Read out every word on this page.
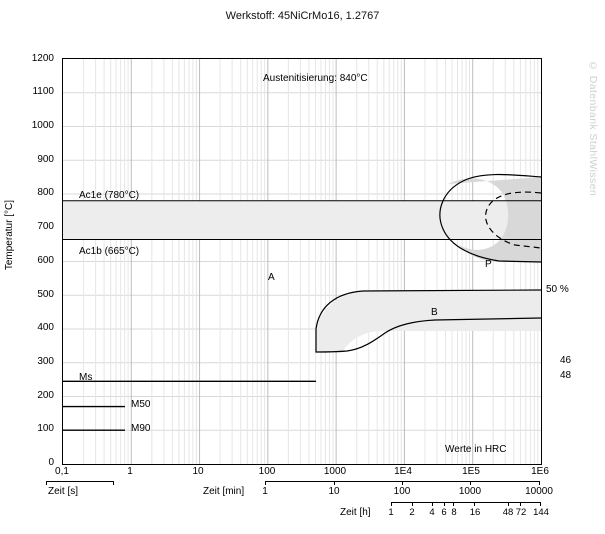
Werkstoff: 45NiCrMo16, 1.2767
© Datenbank StahlWissen
Temperatur [°C]
1200
1100
1000
900
800
700
600
500
400
300
200
100
0
Austenitisierung: 840°C
Ac1e (780°C)
Ac1b (665°C)
A
P
B
Ms
M50
M90
Werte in HRC
50 %
46
48
0,1	1	10	100	1000	1E4	1E5	1E6
Zeit [s]	Zeit [min]	1	10	100	1000	10000
Zeit [h]	1	2	4 6 8	16 48 72 144
